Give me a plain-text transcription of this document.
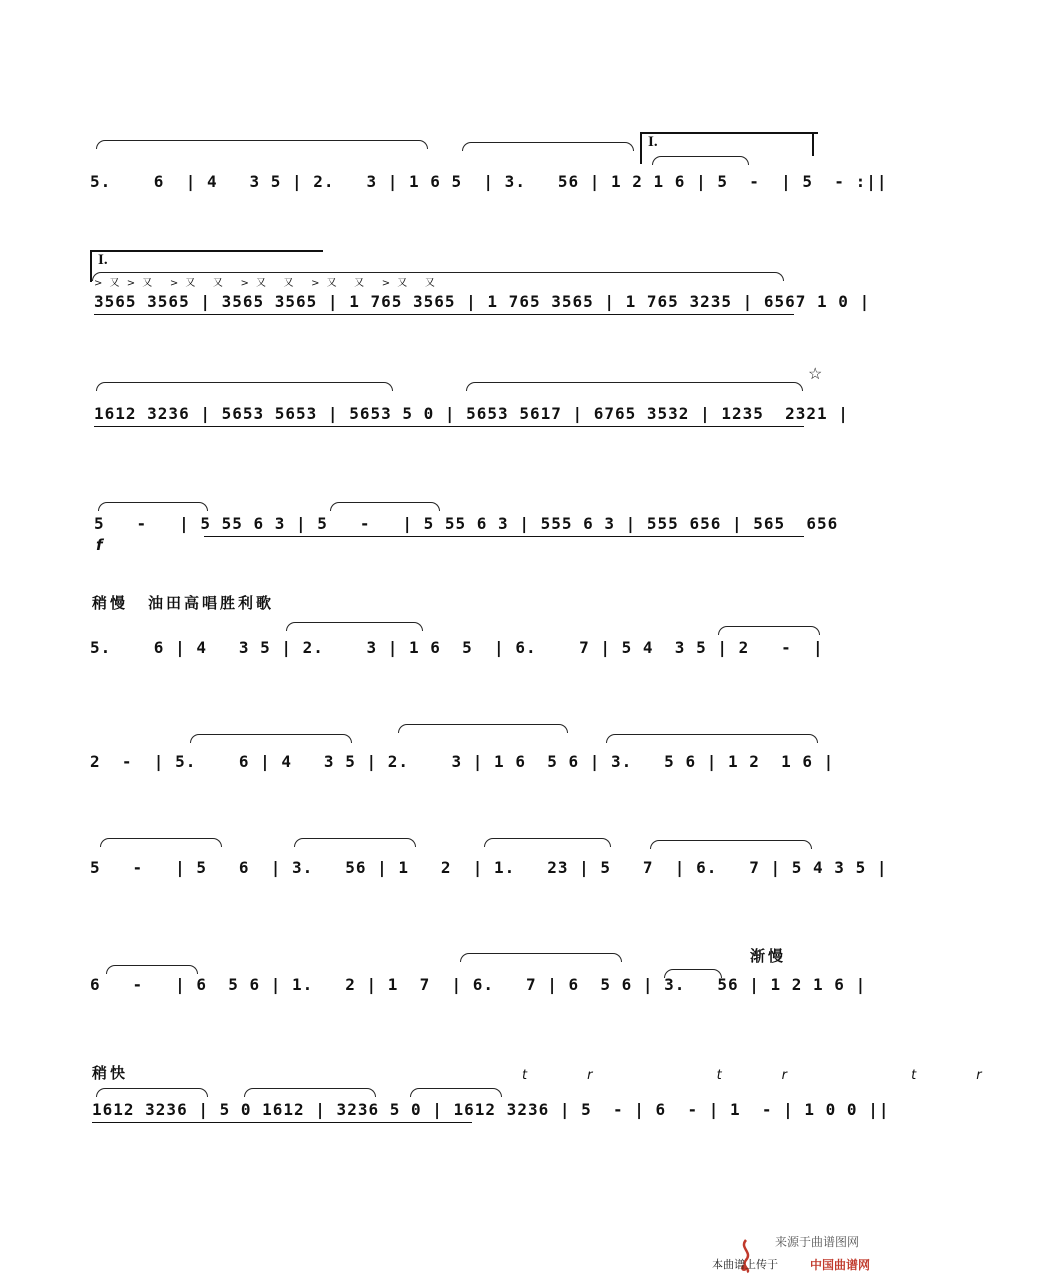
I.
I.
5.    6  | 4   3 5 | 2.   3 | 1 6 5  | 3.   56 | 1 2 1 6 | 5  -  | 5  - :||
> 又 > 又   > 又   又   > 又   又   > 又   又   > 又   又
3565 3565 | 3565 3565 | 1 765 3565 | 1 765 3565 | 1 765 3235 | 6567 1 0 |
1612 3236 | 5653 5653 | 5653 5 0 | 5653 5617 | 6765 3532 | 1235  2321 |
☆
5   -   | 5 55 6 3 | 5   -   | 5 55 6 3 | 555 6 3 | 555 656 | 565  656
f
稍慢 油田高唱胜利歌
5.    6 | 4   3 5 | 2.    3 | 1 6  5  | 6.    7 | 5 4  3 5 | 2   -  |
2  -  | 5.    6 | 4   3 5 | 2.    3 | 1 6  5 6 | 3.   5 6 | 1 2  1 6 |
5   -   | 5   6  | 3.   56 | 1   2  | 1.   23 | 5   7  | 6.   7 | 5 4 3 5 |
渐慢
6   -   | 6  5 6 | 1.   2 | 1  7  | 6.   7 | 6  5 6 | 3.   56 | 1 2 1 6 |
稍快	tr tr tr
1612 3236 | 5 0 1612 | 3236 5 0 | 1612 3236 | 5  - | 6  - | 1  - | 1 0 0 ||
来源于曲谱图网
本曲谱上传于	中国曲谱网
